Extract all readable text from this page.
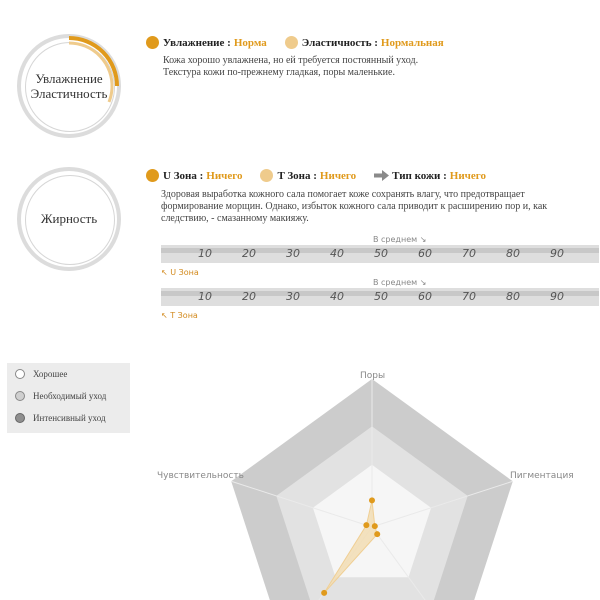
Увлажнение
Эластичность
Увлажнение : Норма	Эластичность : Нормальная
Кожа хорошо увлажнена, но ей требуется постоянный уход.
Текстура кожи по-прежнему гладкая, поры маленькие.
Жирность
U Зона : Ничего	T Зона : Ничего	Тип кожи : Ничего
Здоровая выработка кожного сала помогает коже сохранять влагу, что предотвращает
формирование морщин. Однако, избыток кожного сала приводит к расширению пор и, как
следствию, - смазанному макияжу.
В среднем ↘
10	20	30	40	50	60	70	80	90
↖ U Зона
В среднем ↘
10	20	30	40	50	60	70	80	90
↖ T Зона
Хорошее
Необходимый уход
Интенсивный уход
Поры
Пигментация
Чувствительность
